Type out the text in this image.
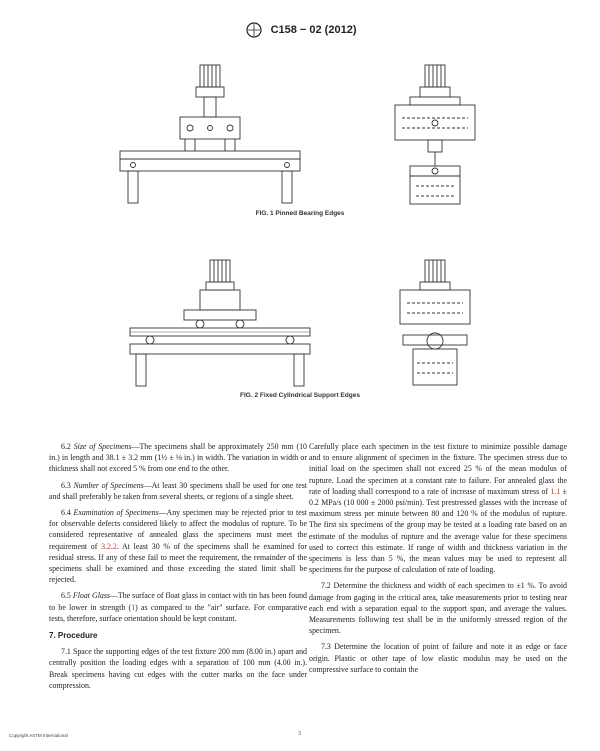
C158 − 02 (2012)
FIG. 1 Pinned Bearing Edges
FIG. 2 Fixed Cylindrical Support Edges

6.2 Size of Specimens—The specimens shall be approximately 250 mm (10 in.) in length and 38.1 ± 3.2 mm (1½ ± ⅛ in.) in width. The variation in width or thickness shall not exceed 5 % from one end to the other.

6.3 Number of Specimens—At least 30 specimens shall be used for one test and shall preferably be taken from several sheets, or regions of a single sheet.

6.4 Examination of Specimens—Any specimen may be rejected prior to test for observable defects considered likely to affect the modulus of rupture. To be considered representative of annealed glass the specimens must meet the requirement of 3.2.2. At least 30 % of the specimens shall be examined for residual stress. If any of these fail to meet the requirement, the remainder of the specimens shall be examined and those exceeding the stated limit shall be rejected.

6.5 Float Glass—The surface of float glass in contact with tin has been found to be lower in strength (1) as compared to the "air" surface. For comparative tests, therefore, surface orientation should be kept constant.

7. Procedure

7.1 Space the supporting edges of the test fixture 200 mm (8.00 in.) apart and centrally position the loading edges with a separation of 100 mm (4.00 in.). Break specimens having cut edges with the cutter marks on the face under compression.

Carefully place each specimen in the test fixture to minimize possible damage and to ensure alignment of specimen in the fixture. The specimen stress due to initial load on the specimen shall not exceed 25 % of the mean modulus of rupture. Load the specimen at a constant rate to failure. For annealed glass the rate of loading shall correspond to a rate of increase of maximum stress of 1.1 ± 0.2 MPa/s (10 000 ± 2000 psi/min). Test prestressed glasses with the increase of maximum stress per minute between 80 and 120 % of the modulus of rupture. The first six specimens of the group may be tested at a loading rate based on an estimate of the modulus of rupture and the average value for these specimens used to correct this estimate. If range of width and thickness variation in the specimens is less than 5 %, the mean values may be used to represent all specimens for the purpose of calculation of rate of loading.

7.2 Determine the thickness and width of each specimen to ±1 %. To avoid damage from gaging in the critical area, take measurements prior to testing near each end with a separation equal to the support span, and average the values. Measurements following test shall be in the uniformly stressed region of the specimen.

7.3 Determine the location of point of failure and note it as edge or face origin. Plastic or other tape of low elastic modulus may be used on the compressive surface to contain the

Copyright ASTM International	3
